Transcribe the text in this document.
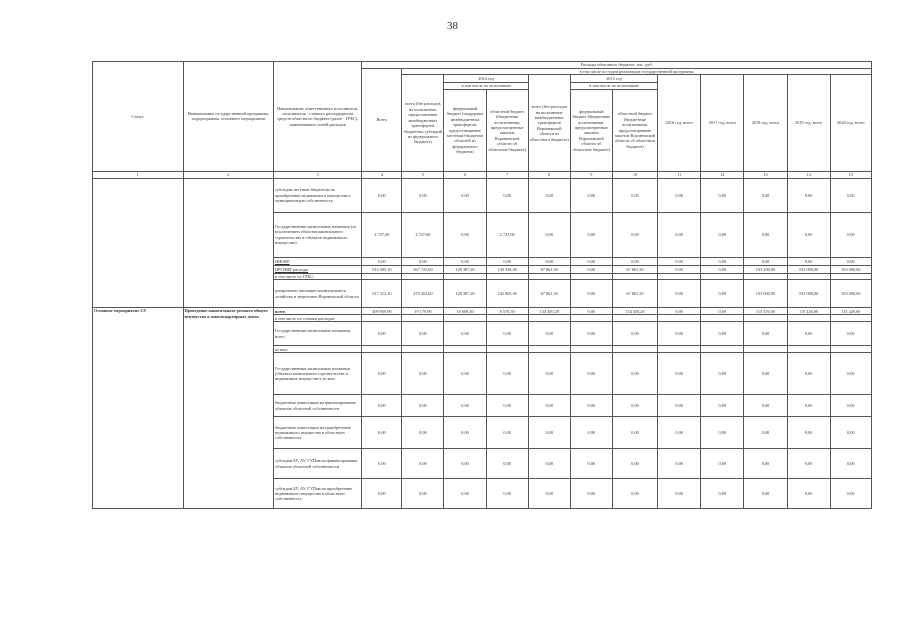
38
Статус	Наименование государственной программы, подпрограммы, основного мероприятия	Наименование ответственного исполнителя, исполнителя - главного распорядителя средств областного бюджета (далее - ГРБС), наименование статей расходов	Расходы областного бюджета, тыс. руб.											
			Всего	в том числе по годам реализации государственной программы										
				всего (без расходов на исполнение, предоставление межбюджетных трансфертов бюджетам, субсидий из федерального бюджета)	2014 год		всего (без расходов на исполнение межбюджетных трансфертов Воронежской области из областного бюджета)	2015 год		2016 год, всего	2017 год, всего	2018 год, всего	2019 год, всего	2020 год, всего
					в том числе по источникам			в том числе по источникам						
					федеральный бюджет (поддержка межбюджетных трансфертов, предоставляемые местным бюджетам областей из федерального бюджета)	областной бюджет (бюджетные ассигнования, предусмотренные законом Воронежской области об областном бюджете)		федеральный бюджет (бюджетные ассигнования, предусмотренные законом Воронежской области об областном бюджете)	областной бюджет (бюджетные ассигнования, предусмотренные законом Воронежской области об областном бюджете)					
1	2	3	4	5	6	7	8	9	10	11	12	13	14	15
		субсидии местным бюджетам на приобретение недвижимого имущества в муниципальную собственность	0,00	0,00	0,00	0,00	0,00	0,00	0,00	0,00	0,00	0,00	0,00	0,00
		Государственные капитальные вложения (за исключением объектов капитального строительства и объектов недвижимого имущества)	2 727,00	2 727,00	0,00	2 727,00	0,00	0,00	0,00	0,00	0,00	0,00	0,00	0,00
		НИОКР	0,00	0,00	0,00	0,00	0,00	0,00	0,00	0,00	0,00	0,00	0,00	0,00
		ПРОЧИЕ расходы	914 585,10	267 725,60	128 387,20	139 338,40	67 861,50	0,00	67 861,50	0,00	0,00	193 200,00	193 000,00	193 000,00
		в том числе по ГРБС:												
		департамент жилищно-коммунального хозяйства и энергетики Воронежской области	917 312,10	270 452,60	128 387,20	142 065,40	67 861,50	0,00	67 861,50	0,00	0,00	193 000,00	193 000,00	193 000,00
Основное мероприятие 3.9	Проведение капитального ремонта общего имущества в многоквартирных домах	всего	499 959,90	19 179,90	10 609,40	8 570,50	134 450,20	0,00	134 450,20	0,00	0,00	115 476,00	115 426,60	115 426,60
		в том числе по статьям расходов:												
		Государственные капитальные вложения, всего	0,00	0,00	0,00	0,00	0,00	0,00	0,00	0,00	0,00	0,00	0,00	0,00
		из них:												
		Государственные капитальные вложения (объекты капитального строительства и недвижимое имущество), из них:	0,00	0,00	0,00	0,00	0,00	0,00	0,00	0,00	0,00	0,00	0,00	0,00
		бюджетные инвестиции на финансирование объектов областной собственности	0,00	0,00	0,00	0,00	0,00	0,00	0,00	0,00	0,00	0,00	0,00	0,00
		бюджетные инвестиции на приобретение недвижимого имущества в областную собственность	0,00	0,00	0,00	0,00	0,00	0,00	0,00	0,00	0,00	0,00	0,00	0,00
		субсидии БУ, АУ, ГУПам на финансирование объектов областной собственности	0,00	0,00	0,00	0,00	0,00	0,00	0,00	0,00	0,00	0,00	0,00	0,00
		субсидии БУ, АУ, ГУПам на приобретение недвижимого имущества в областную собственность	0,00	0,00	0,00	0,00	0,00	0,00	0,00	0,00	0,00	0,00	0,00	0,00
